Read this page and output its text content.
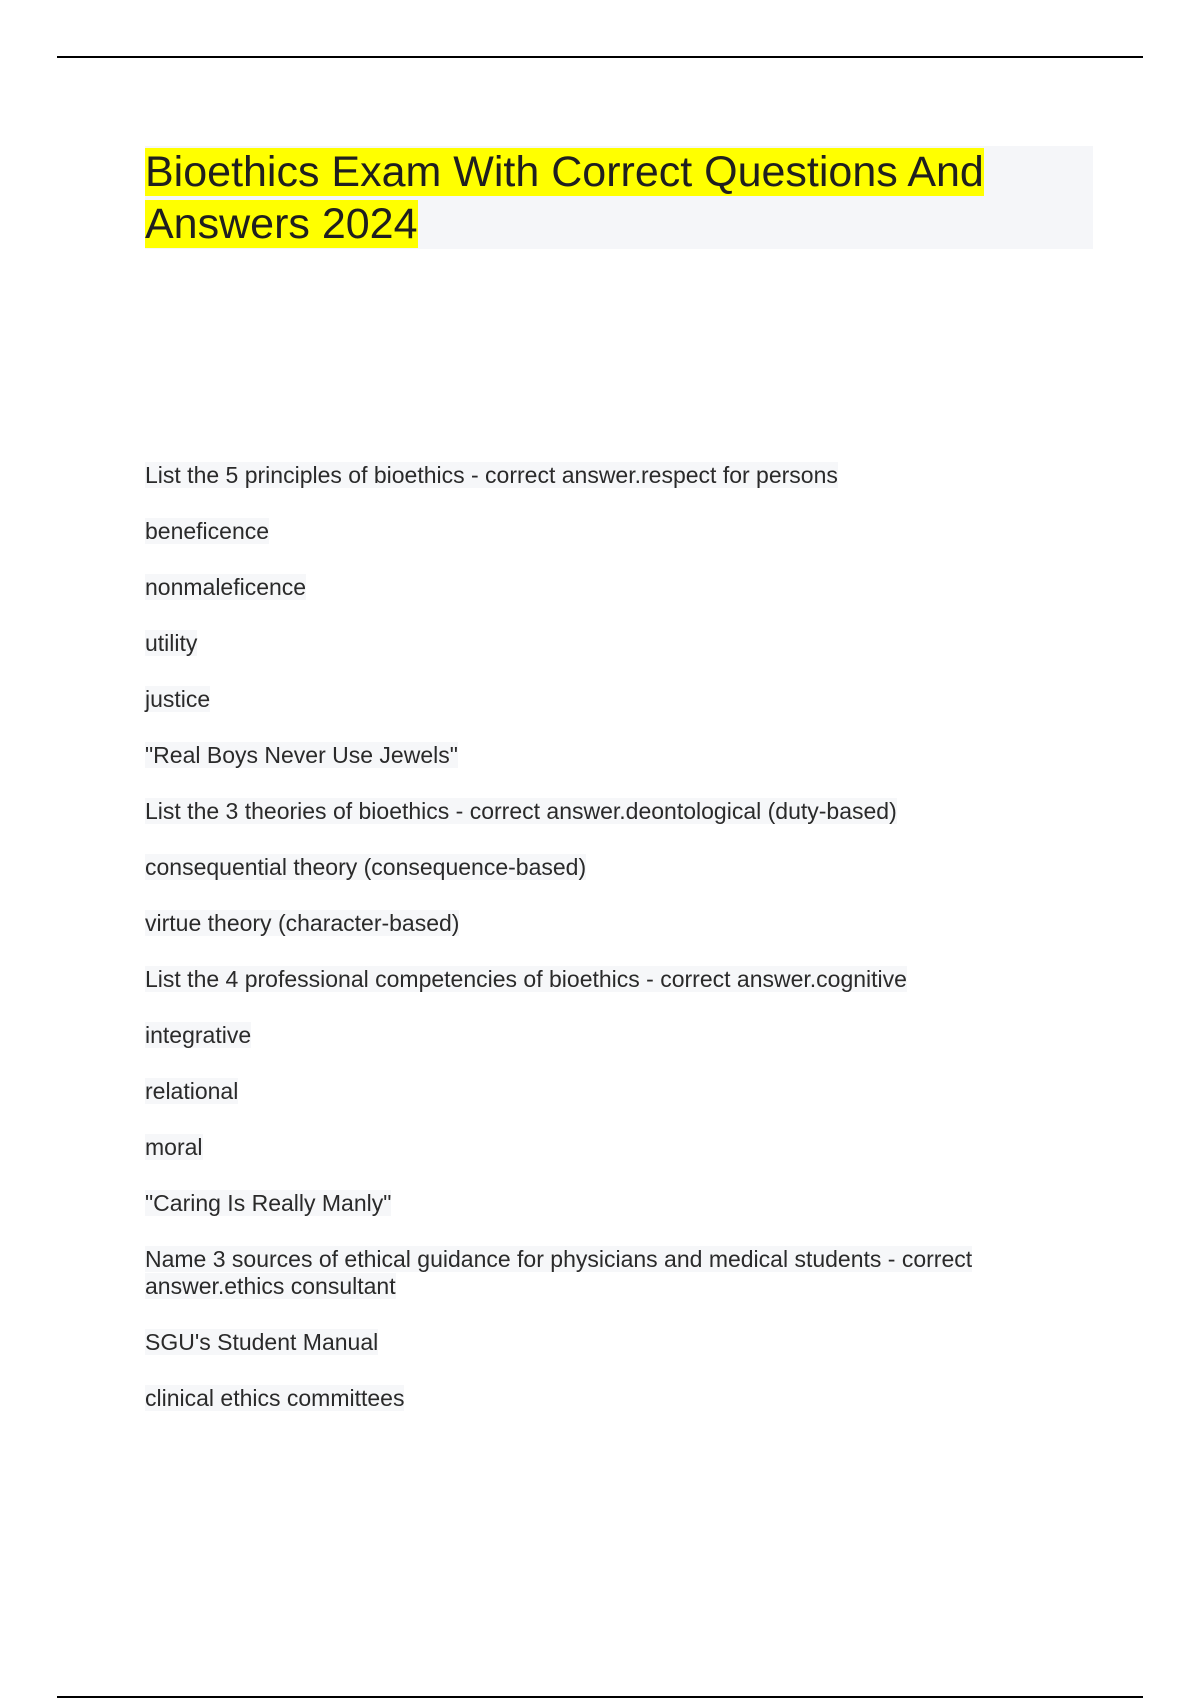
Bioethics Exam With Correct Questions And Answers 2024

List the 5 principles of bioethics - correct answer.respect for persons

beneficence

nonmaleficence

utility

justice

"Real Boys Never Use Jewels"

List the 3 theories of bioethics - correct answer.deontological (duty-based)

consequential theory (consequence-based)

virtue theory (character-based)

List the 4 professional competencies of bioethics - correct answer.cognitive

integrative

relational

moral

"Caring Is Really Manly"

Name 3 sources of ethical guidance for physicians and medical students - correct answer.ethics consultant

SGU's Student Manual

clinical ethics committees
